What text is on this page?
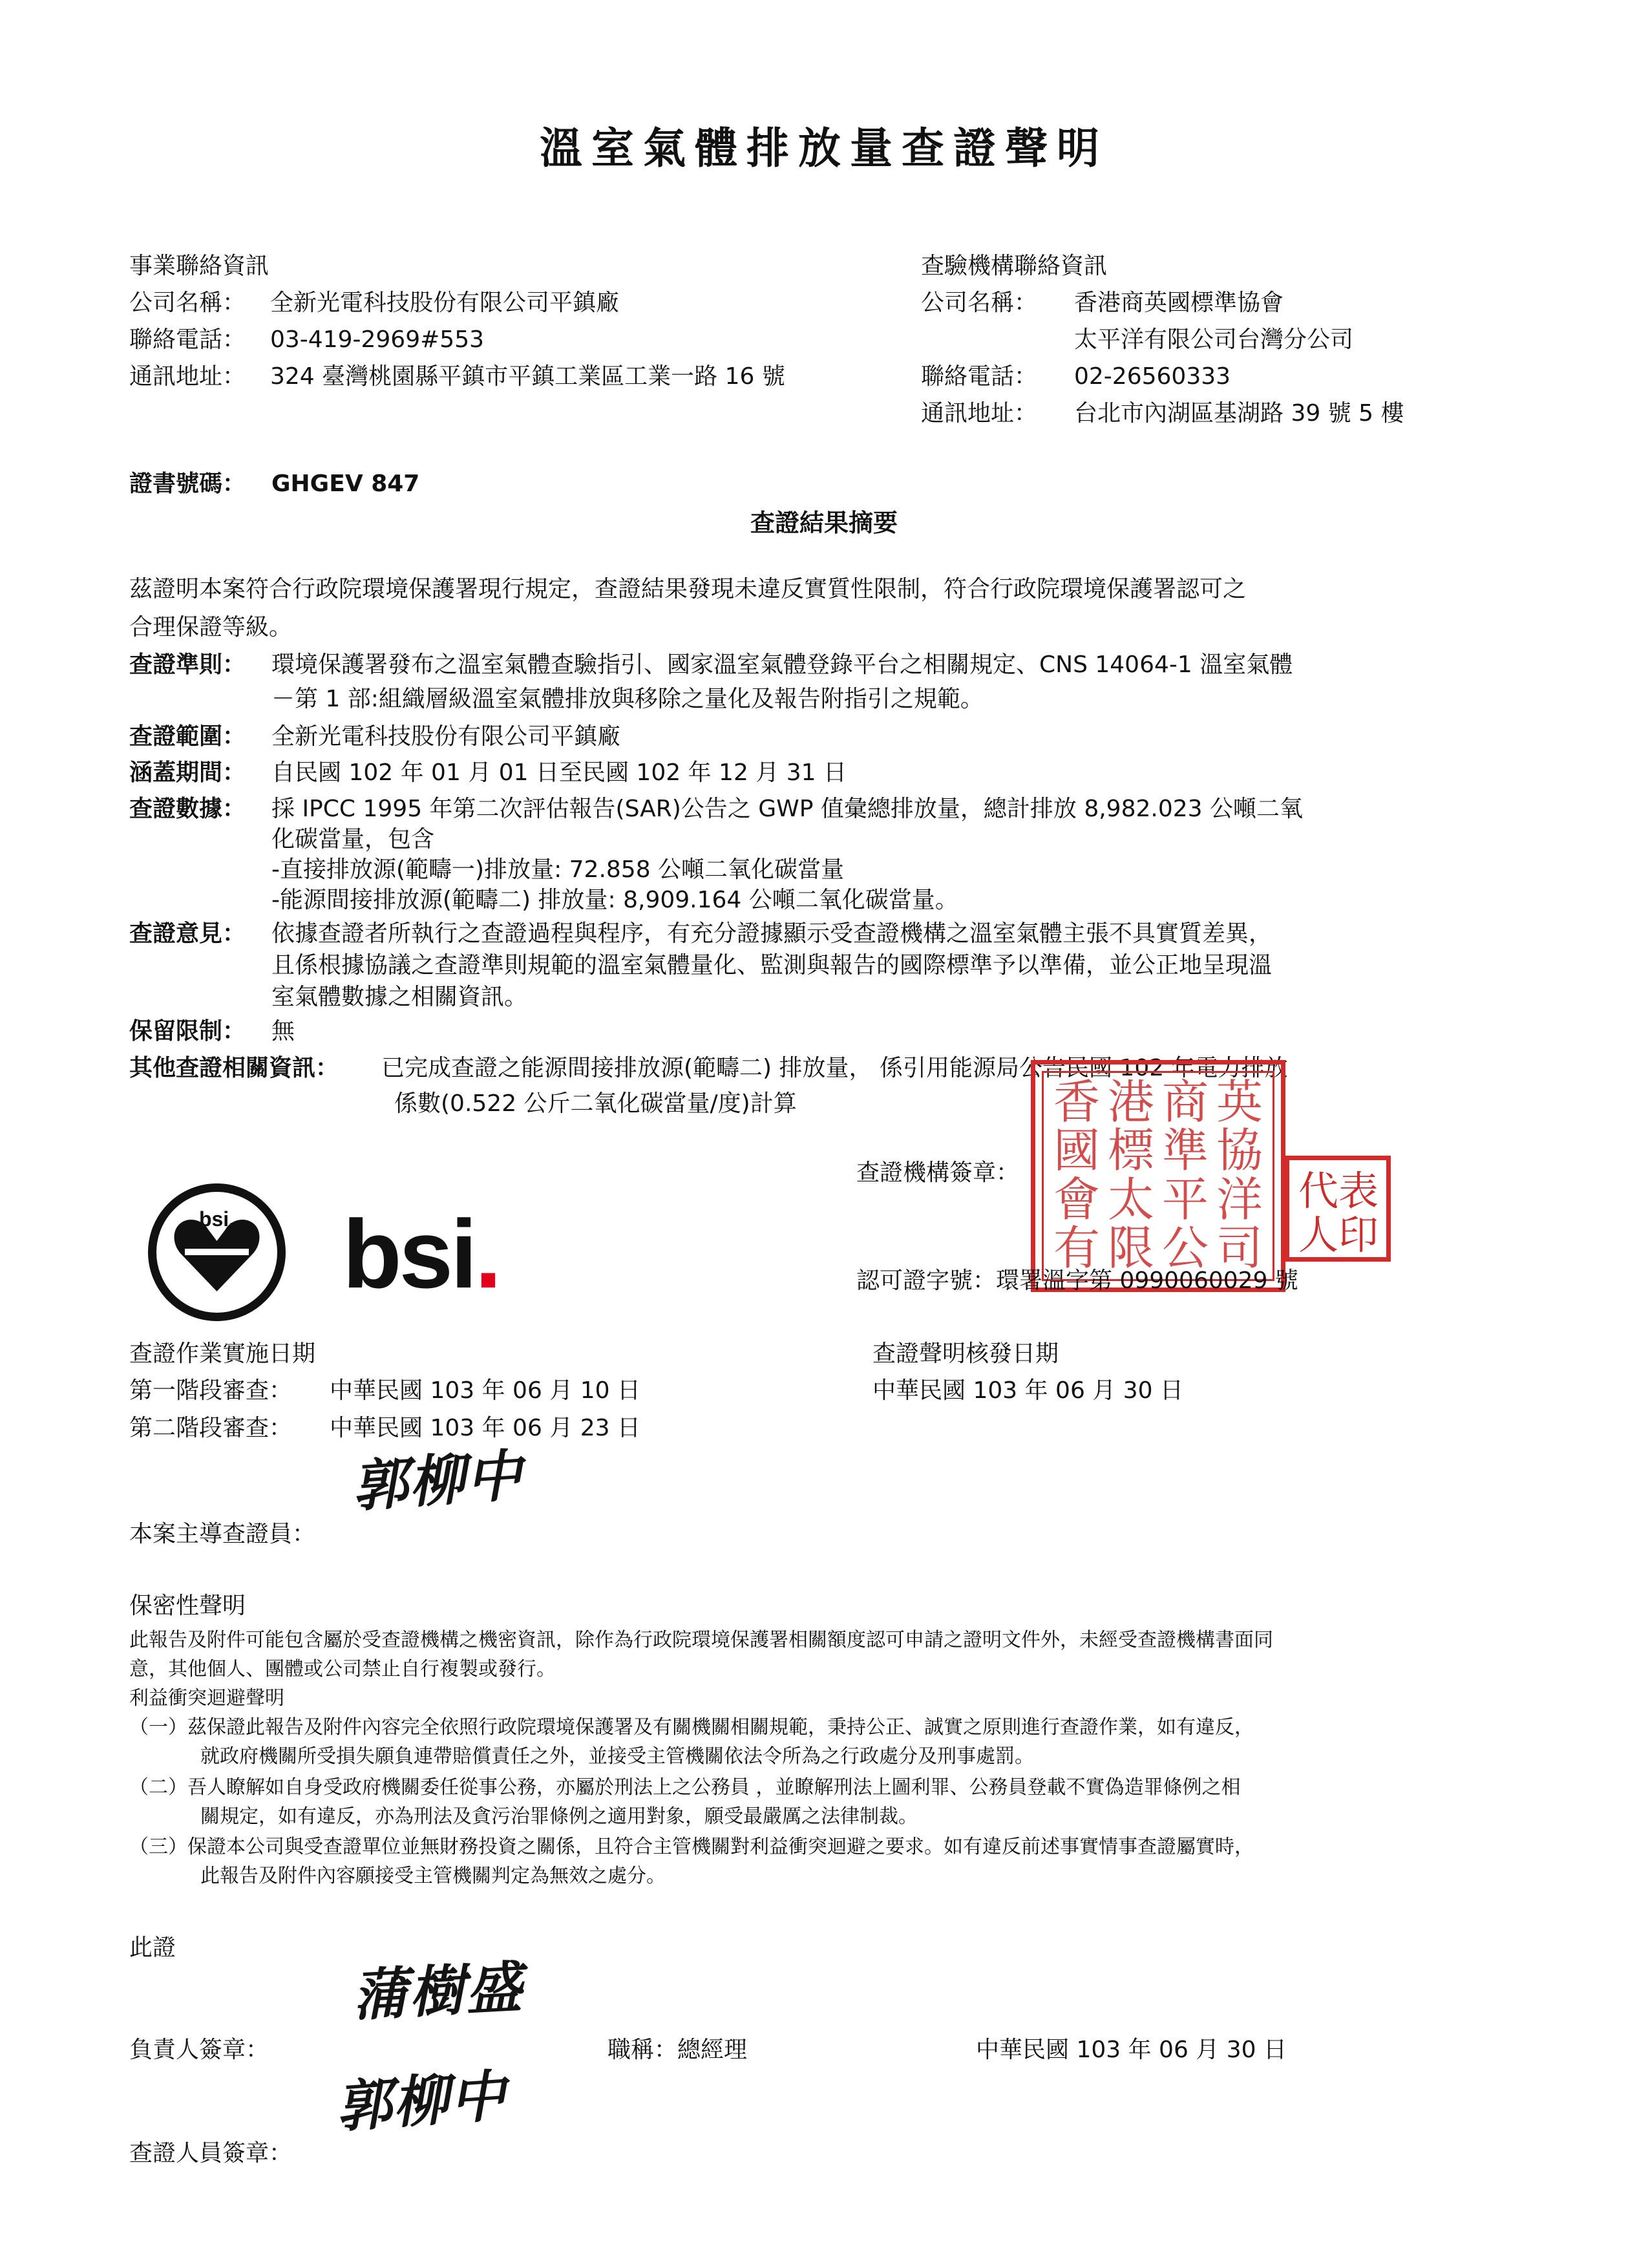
溫室氣體排放量查證聲明
事業聯絡資訊
公司名稱： 全新光電科技股份有限公司平鎮廠
聯絡電話： 03-419-2969#553
通訊地址： 324 臺灣桃園縣平鎮市平鎮工業區工業一路 16 號
查驗機構聯絡資訊
公司名稱： 香港商英國標準協會
太平洋有限公司台灣分公司
聯絡電話： 02-26560333
通訊地址： 台北市內湖區基湖路 39 號 5 樓
證書號碼： GHGEV 847
查證結果摘要
茲證明本案符合行政院環境保護署現行規定，查證結果發現未違反實質性限制，符合行政院環境保護署認可之
合理保證等級。
查證準則： 環境保護署發布之溫室氣體查驗指引、國家溫室氣體登錄平台之相關規定、CNS 14064-1 溫室氣體
－第 1 部:組織層級溫室氣體排放與移除之量化及報告附指引之規範。
查證範圍： 全新光電科技股份有限公司平鎮廠
涵蓋期間： 自民國 102 年 01 月 01 日至民國 102 年 12 月 31 日
查證數據： 採 IPCC 1995 年第二次評估報告(SAR)公告之 GWP 值彙總排放量，總計排放 8,982.023 公噸二氧
化碳當量，包含
-直接排放源(範疇一)排放量: 72.858 公噸二氧化碳當量
-能源間接排放源(範疇二) 排放量: 8,909.164 公噸二氧化碳當量。
查證意見： 依據查證者所執行之查證過程與程序，有充分證據顯示受查證機構之溫室氣體主張不具實質差異，
且係根據協議之查證準則規範的溫室氣體量化、監測與報告的國際標準予以準備，並公正地呈現溫
室氣體數據之相關資訊。
保留限制： 無
其他查證相關資訊： 已完成查證之能源間接排放源(範疇二) 排放量， 係引用能源局公告民國 102 年電力排放
係數(0.522 公斤二氧化碳當量/度)計算	香 港 商 英
國 標 準 協
會 太 平 洋
有 限 公 司
代 表
人 印
查證機構簽章：
認可證字號：環署溫字第 0990060029 號
bsi.	bsi.
查證作業實施日期
第一階段審查： 中華民國 103 年 06 月 10 日
第二階段審查： 中華民國 103 年 06 月 23 日
查證聲明核發日期
中華民國 103 年 06 月 30 日
本案主導查證員：
郭柳中
保密性聲明
此報告及附件可能包含屬於受查證機構之機密資訊，除作為行政院環境保護署相關額度認可申請之證明文件外，未經受查證機構書面同
意，其他個人、團體或公司禁止自行複製或發行。
利益衝突迴避聲明
（一）茲保證此報告及附件內容完全依照行政院環境保護署及有關機關相關規範，秉持公正、誠實之原則進行查證作業，如有違反，
就政府機關所受損失願負連帶賠償責任之外，並接受主管機關依法令所為之行政處分及刑事處罰。
（二）吾人瞭解如自身受政府機關委任從事公務，亦屬於刑法上之公務員 ，並瞭解刑法上圖利罪、公務員登載不實偽造罪條例之相
關規定，如有違反，亦為刑法及貪污治罪條例之適用對象，願受最嚴厲之法律制裁。
（三）保證本公司與受查證單位並無財務投資之關係，且符合主管機關對利益衝突迴避之要求。如有違反前述事實情事查證屬實時，
此報告及附件內容願接受主管機關判定為無效之處分。
此證
負責人簽章：
蒲樹盛
職稱：總經理	中華民國 103 年 06 月 30 日
查證人員簽章：
郭柳中
